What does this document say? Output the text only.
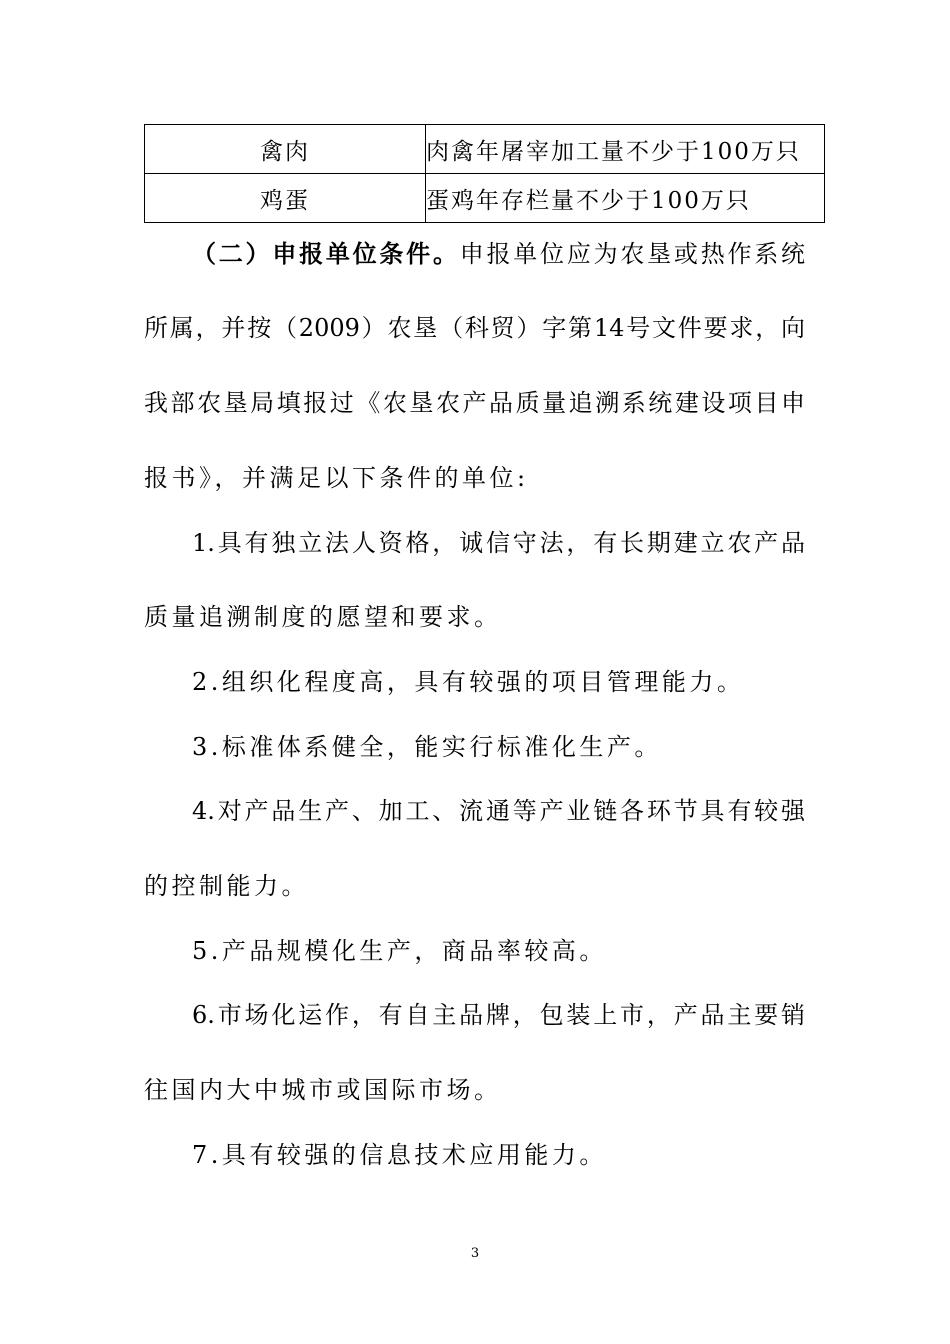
禽肉	肉禽年屠宰加工量不少于100万只
鸡蛋	蛋鸡年存栏量不少于100万只
（二）申报单位条件。申报单位应为农垦或热作系统
所属，并按（2009）农垦（科贸）字第14号文件要求，向
我部农垦局填报过《农垦农产品质量追溯系统建设项目申
报书》，并满足以下条件的单位:
1.具有独立法人资格，诚信守法，有长期建立农产品
质量追溯制度的愿望和要求。
2.组织化程度高，具有较强的项目管理能力。
3.标准体系健全，能实行标准化生产。
4.对产品生产、加工、流通等产业链各环节具有较强
的控制能力。
5.产品规模化生产，商品率较高。
6.市场化运作，有自主品牌，包装上市，产品主要销
往国内大中城市或国际市场。
7.具有较强的信息技术应用能力。
3
